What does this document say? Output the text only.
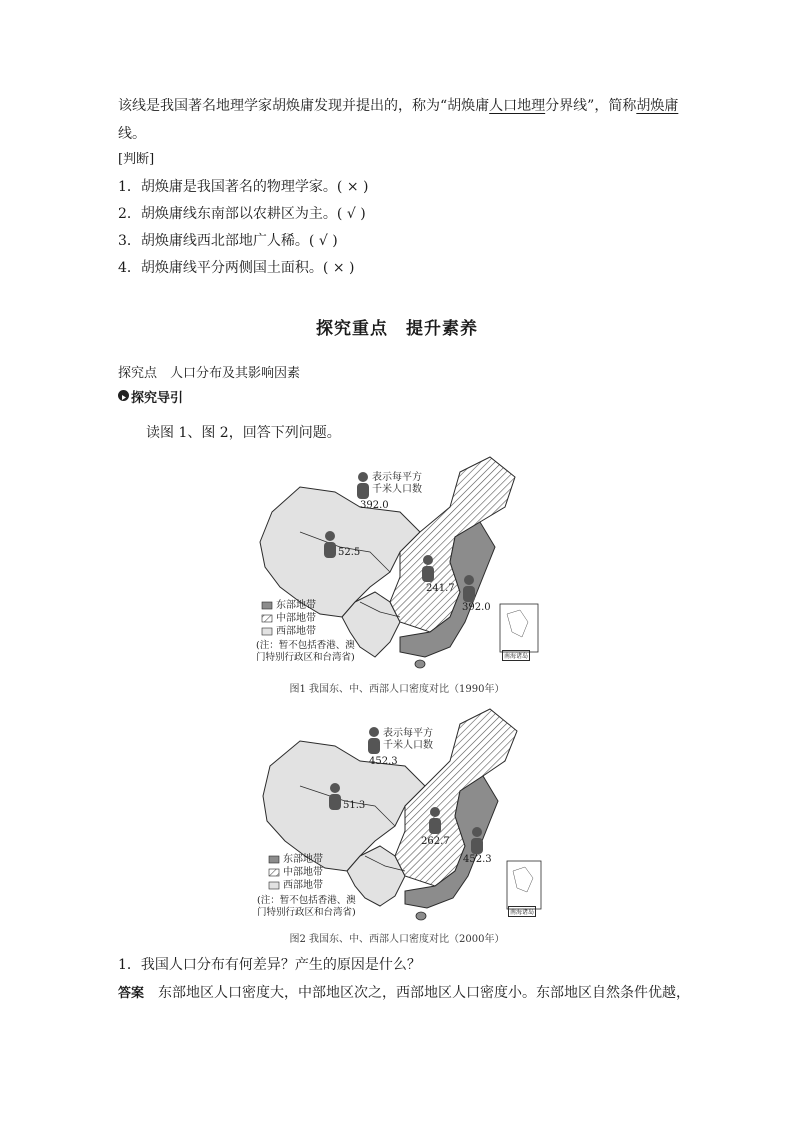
该线是我国著名地理学家胡焕庸发现并提出的，称为“胡焕庸人口地理分界线”，简称胡焕庸
线。
[判断]
1．胡焕庸是我国著名的物理学家。( × )
2．胡焕庸线东南部以农耕区为主。( √ )
3．胡焕庸线西北部地广人稀。( √ )
4．胡焕庸线平分两侧国土面积。( × )
探究重点　提升素养
探究点　人口分布及其影响因素
探究导引
读图 1、图 2，回答下列问题。
表示每平方
千米人口数
392.0
52.5
241.7
392.0
东部地带
中部地带
西部地带
(注：暂不包括香港、澳
门特别行政区和台湾省)	南海诸岛
图1 我国东、中、西部人口密度对比（1990年）
表示每平方
千米人口数
452.3
51.3
262.7
452.3
东部地带
中部地带
西部地带
(注：暂不包括香港、澳
门特别行政区和台湾省)	南海诸岛
图2 我国东、中、西部人口密度对比（2000年）
1．我国人口分布有何差异？产生的原因是什么？
答案 东部地区人口密度大，中部地区次之，西部地区人口密度小。东部地区自然条件优越，
